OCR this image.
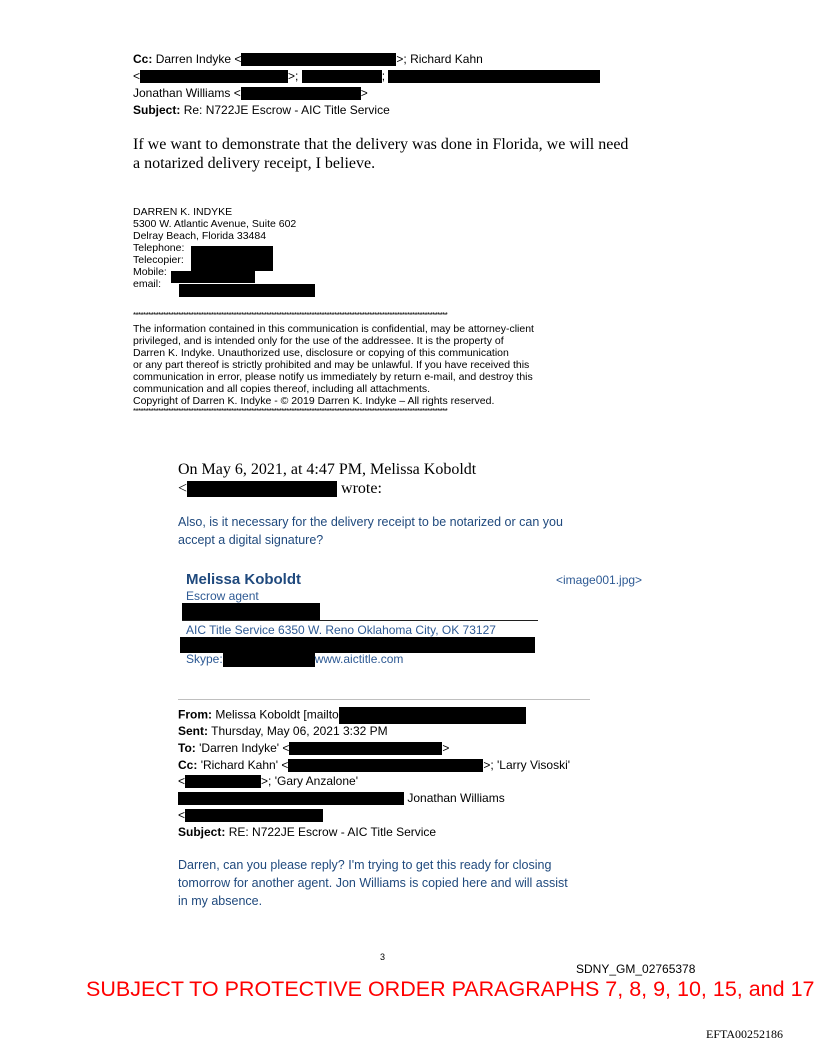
Cc: Darren Indyke <	>; Richard Kahn
<	>;	;
Jonathan Williams <	>
Subject: Re: N722JE Escrow - AIC Title Service
If we want to demonstrate that the delivery was done in Florida, we will need a notarized delivery receipt, I believe.
DARREN K. INDYKE
5300 W. Atlantic Avenue, Suite 602
Delray Beach, Florida 33484
Telephone:
Telecopier:
Mobile:
email:
*****************************************************************************************************************************
The information contained in this communication is confidential, may be attorney-client
privileged, and is intended only for the use of the addressee. It is the property of
Darren K. Indyke. Unauthorized use, disclosure or copying of this communication
or any part thereof is strictly prohibited and may be unlawful. If you have received this
communication in error, please notify us immediately by return e-mail, and destroy this
communication and all copies thereof, including all attachments.
Copyright of Darren K. Indyke - © 2019 Darren K. Indyke – All rights reserved.
*****************************************************************************************************************************
On May 6, 2021, at 4:47 PM, Melissa Koboldt
<	wrote:
Also, is it necessary for the delivery receipt to be notarized or can you
accept a digital signature?
Melissa Koboldt
Escrow agent
<image001.jpg>
AIC Title Service 6350 W. Reno Oklahoma City, OK 73127
Skype:	www.aictitle.com
From: Melissa Koboldt [mailto
Sent: Thursday, May 06, 2021 3:32 PM
To: 'Darren Indyke' <	>
Cc: 'Richard Kahn' <	>; 'Larry Visoski'
<	>; 'Gary Anzalone'
Jonathan Williams
<
Subject: RE: N722JE Escrow - AIC Title Service
Darren, can you please reply? I'm trying to get this ready for closing
tomorrow for another agent. Jon Williams is copied here and will assist
in my absence.
3
SDNY_GM_02765378
SUBJECT TO PROTECTIVE ORDER PARAGRAPHS 7, 8, 9, 10, 15, and 17
EFTA00252186
